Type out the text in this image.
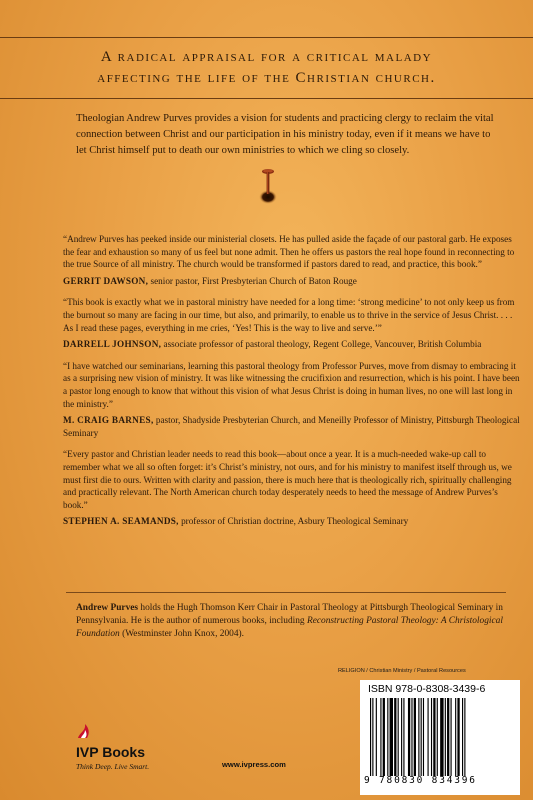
A radical appraisal for a critical malady
affecting the life of the Christian church.

Theologian Andrew Purves provides a vision for students and practicing clergy to reclaim the vital connection between Christ and our participation in his ministry today, even if it means we have to let Christ himself put to death our own ministries to which we cling so closely.

“Andrew Purves has peeked inside our ministerial closets. He has pulled aside the façade of our pastoral garb. He exposes the fear and exhaustion so many of us feel but none admit. Then he offers us pastors the real hope found in reconnecting to the true Source of all ministry. The church would be transformed if pastors dared to read, and practice, this book.”

GERRIT DAWSON, senior pastor, First Presbyterian Church of Baton Rouge

“This book is exactly what we in pastoral ministry have needed for a long time: ‘strong medicine’ to not only keep us from the burnout so many are facing in our time, but also, and primarily, to enable us to thrive in the service of Jesus Christ. . . . As I read these pages, everything in me cries, ‘Yes! This is the way to live and serve.’”

DARRELL JOHNSON, associate professor of pastoral theology, Regent College, Vancouver, British Columbia

“I have watched our seminarians, learning this pastoral theology from Professor Purves, move from dismay to embracing it as a surprising new vision of ministry. It was like witnessing the crucifixion and resurrection, which is his point. I have been a pastor long enough to know that without this vision of what Jesus Christ is doing in human lives, no one will last long in the ministry.”

M. CRAIG BARNES, pastor, Shadyside Presbyterian Church, and Meneilly Professor of Ministry, Pittsburgh Theological Seminary

“Every pastor and Christian leader needs to read this book—about once a year. It is a much-needed wake-up call to remember what we all so often forget: it’s Christ’s ministry, not ours, and for his ministry to manifest itself through us, we must first die to ours. Written with clarity and passion, there is much here that is theologically rich, spiritually challenging and practically relevant. The North American church today desperately needs to heed the message of Andrew Purves’s book.”

STEPHEN A. SEAMANDS, professor of Christian doctrine, Asbury Theological Seminary

Andrew Purves holds the Hugh Thomson Kerr Chair in Pastoral Theology at Pittsburgh Theological Seminary in Pennsylvania. He is the author of numerous books, including Reconstructing Pastoral Theology: A Christological Foundation (Westminster John Knox, 2004).

RELIGION / Christian Ministry / Pastoral Resources
ISBN 978-0-8308-3439-6
9 780830 834396
IVP Books
Think Deep. Live Smart.	www.ivpress.com
